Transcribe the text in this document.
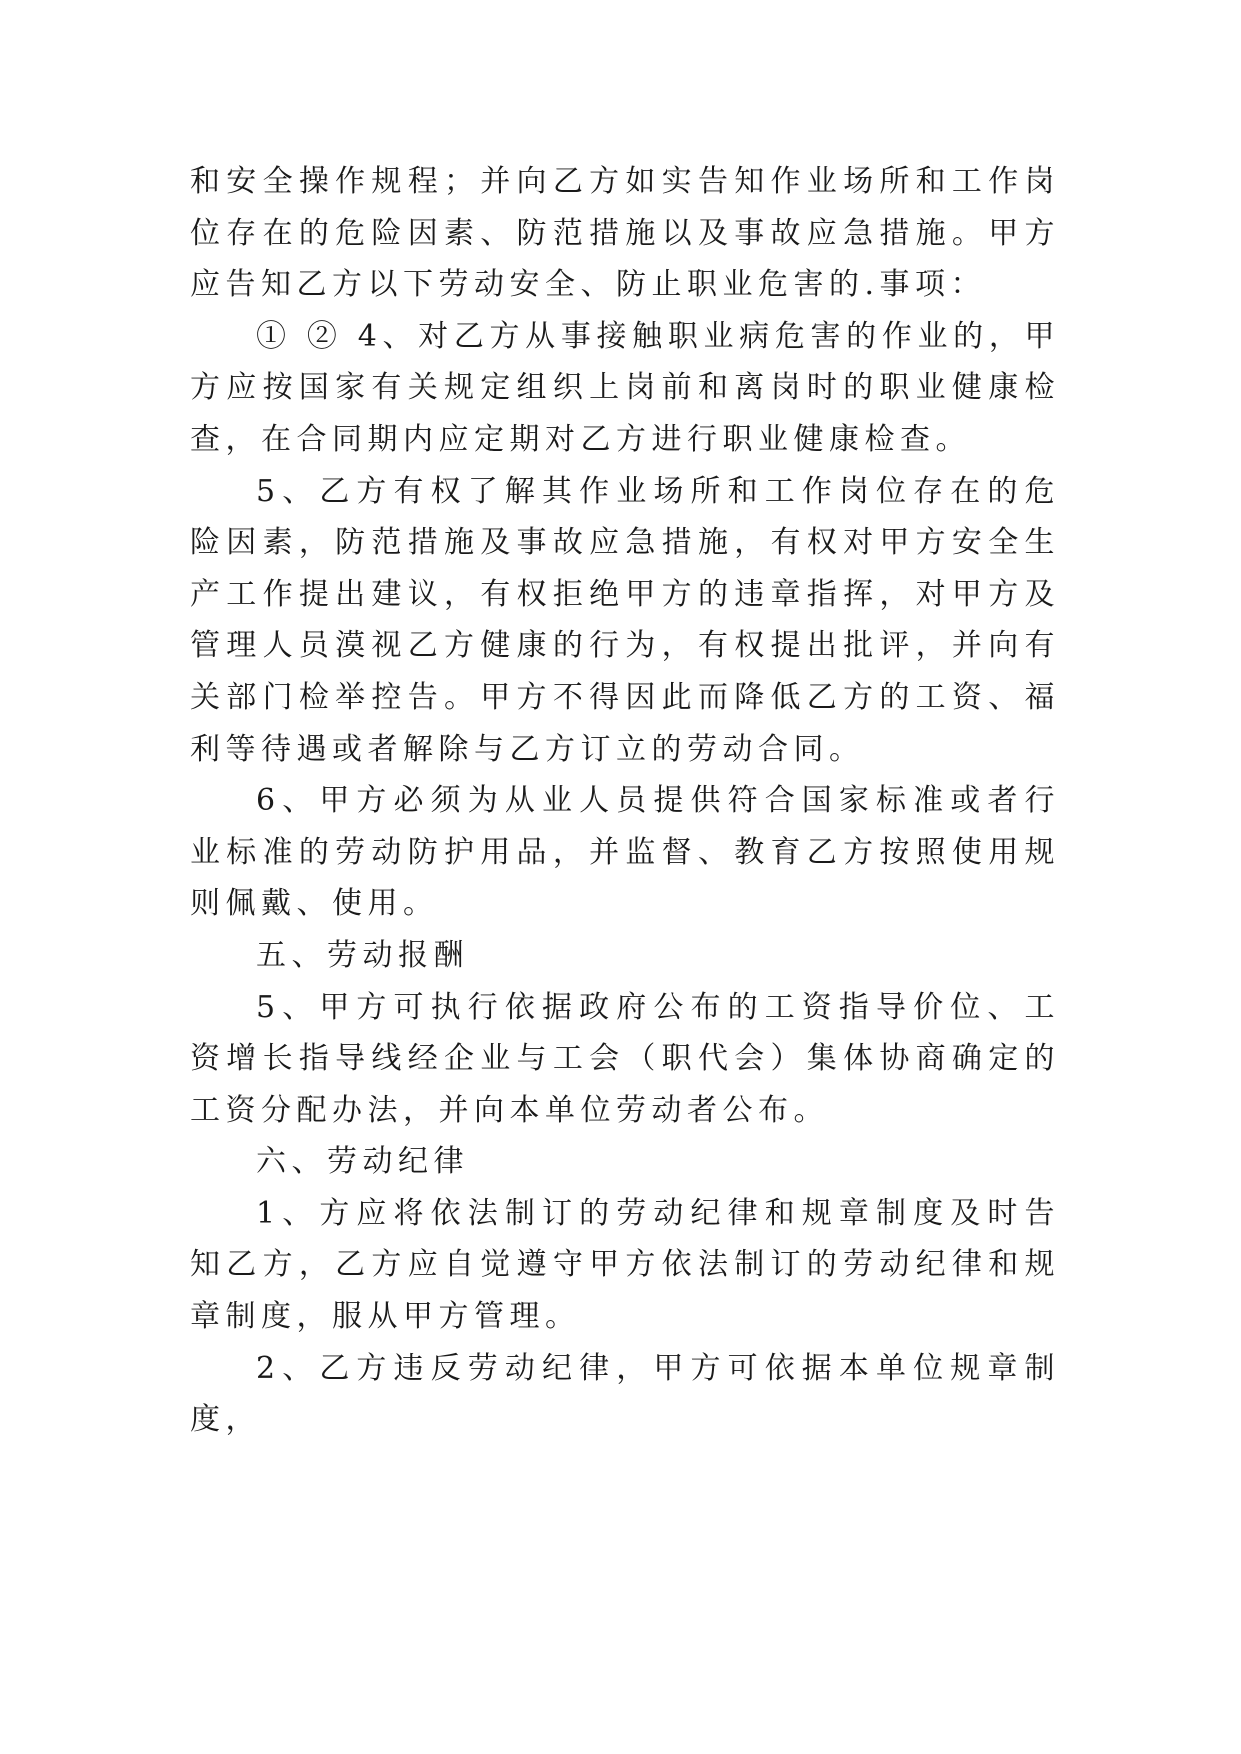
和安全操作规程；并向乙方如实告知作业场所和工作岗位存在的危险因素、防范措施以及事故应急措施。甲方应告知乙方以下劳动安全、防止职业危害的.事项：

① ② 4、对乙方从事接触职业病危害的作业的，甲方应按国家有关规定组织上岗前和离岗时的职业健康检查，在合同期内应定期对乙方进行职业健康检查。

5、乙方有权了解其作业场所和工作岗位存在的危险因素，防范措施及事故应急措施，有权对甲方安全生产工作提出建议，有权拒绝甲方的违章指挥，对甲方及管理人员漠视乙方健康的行为，有权提出批评，并向有关部门检举控告。甲方不得因此而降低乙方的工资、福利等待遇或者解除与乙方订立的劳动合同。

6、甲方必须为从业人员提供符合国家标准或者行业标准的劳动防护用品，并监督、教育乙方按照使用规则佩戴、使用。

五、劳动报酬

5、甲方可执行依据政府公布的工资指导价位、工资增长指导线经企业与工会（职代会）集体协商确定的工资分配办法，并向本单位劳动者公布。

六、劳动纪律

1、方应将依法制订的劳动纪律和规章制度及时告知乙方，乙方应自觉遵守甲方依法制订的劳动纪律和规章制度，服从甲方管理。

2、乙方违反劳动纪律，甲方可依据本单位规章制度，
